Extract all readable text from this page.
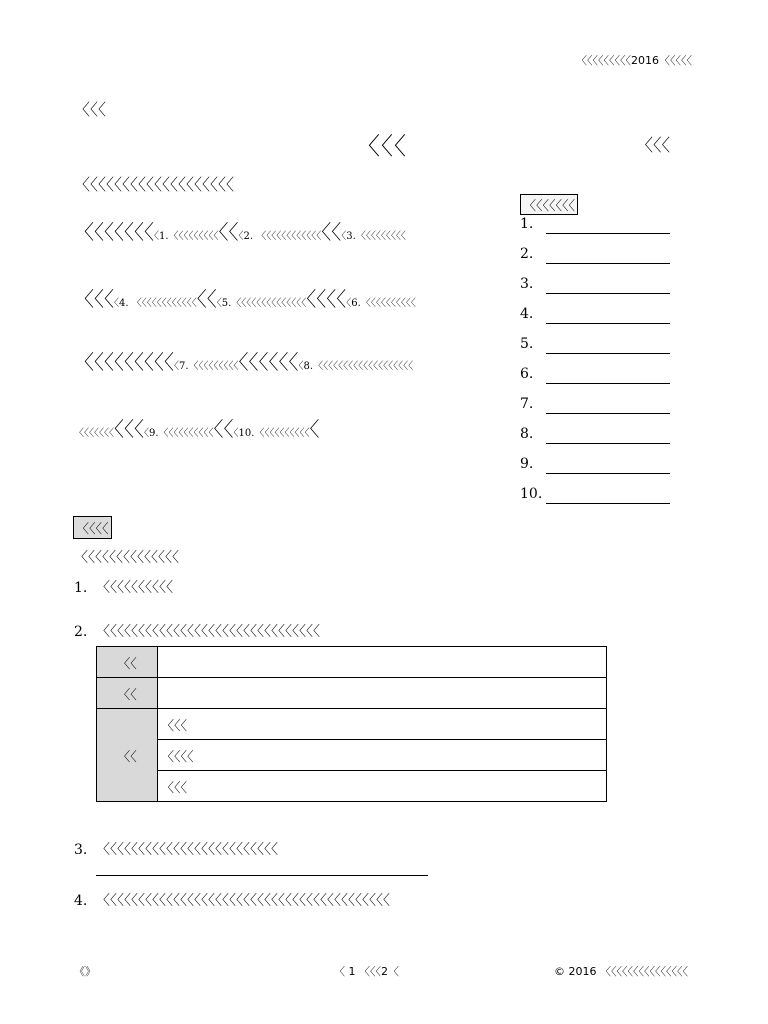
〈〈〈〈〈〈〈〈〈2016〈〈〈〈〈
〈〈〈
〈〈〈	〈〈〈
〈〈〈〈〈〈〈〈〈〈〈〈〈〈〈〈〈〈〈
〈〈〈〈〈〈〈
〈〈〈〈〈〈〈〈1.〈〈〈〈〈〈〈〈〈〈〈〈2. 〈〈〈〈〈〈〈〈〈〈〈〈〈〈〈3.〈〈〈〈〈〈〈〈〈
〈〈〈〈4. 〈〈〈〈〈〈〈〈〈〈〈〈〈〈〈5.〈〈〈〈〈〈〈〈〈〈〈〈〈〈〈〈〈〈〈6.〈〈〈〈〈〈〈〈〈〈
〈〈〈〈〈〈〈〈〈〈7.〈〈〈〈〈〈〈〈〈〈〈〈〈〈〈〈8.〈〈〈〈〈〈〈〈〈〈〈〈〈〈〈〈〈〈〈
〈〈〈〈〈〈〈〈〈〈〈9.〈〈〈〈〈〈〈〈〈〈〈〈〈10.〈〈〈〈〈〈〈〈〈〈〈
1.
2.
3.
4.
5.
6.
7.
8.
9.
10.
〈〈〈〈
〈〈〈〈〈〈〈〈〈〈〈〈〈〈
1. 〈〈〈〈〈〈〈〈〈〈
2. 〈〈〈〈〈〈〈〈〈〈〈〈〈〈〈〈〈〈〈〈〈〈〈〈〈〈〈〈〈〈〈
〈〈	
〈〈	
〈〈	〈〈〈
	〈〈〈〈
	〈〈〈
3. 〈〈〈〈〈〈〈〈〈〈〈〈〈〈〈〈〈〈〈〈〈〈〈〈〈
4. 〈〈〈〈〈〈〈〈〈〈〈〈〈〈〈〈〈〈〈〈〈〈〈〈〈〈〈〈〈〈〈〈〈〈〈〈〈〈〈〈〈
《》	〈 1 〈〈〈2〈	© 2016 〈〈〈〈〈〈〈〈〈〈〈〈〈〈〈
